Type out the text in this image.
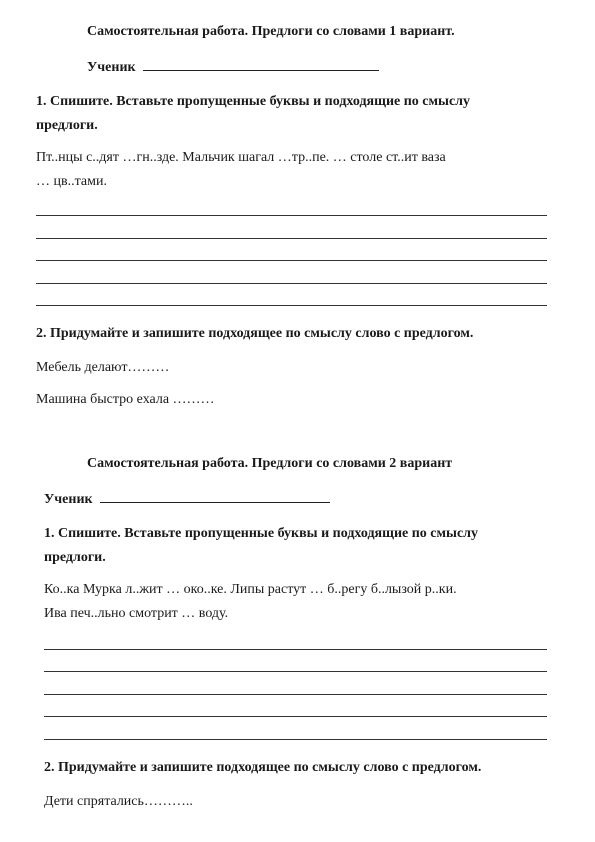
Самостоятельная работа. Предлоги со словами 1 вариант.
Ученик
1. Спишите. Вставьте пропущенные буквы и подходящие по смыслу
предлоги.
Пт..нцы с..дят …гн..зде. Мальчик шагал …тр..пе. … столе ст..ит ваза
… цв..тами.
2. Придумайте и запишите подходящее по смыслу слово с предлогом.
Мебель делают………
Машина быстро ехала ………
Самостоятельная работа. Предлоги со словами 2 вариант
Ученик
1. Спишите. Вставьте пропущенные буквы и подходящие по смыслу
предлоги.
Ко..ка Мурка л..жит … око..ке. Липы растут … б..регу б..лызой р..ки.
Ива печ..льно смотрит … воду.
2. Придумайте и запишите подходящее по смыслу слово с предлогом.
Дети спрятались………..
